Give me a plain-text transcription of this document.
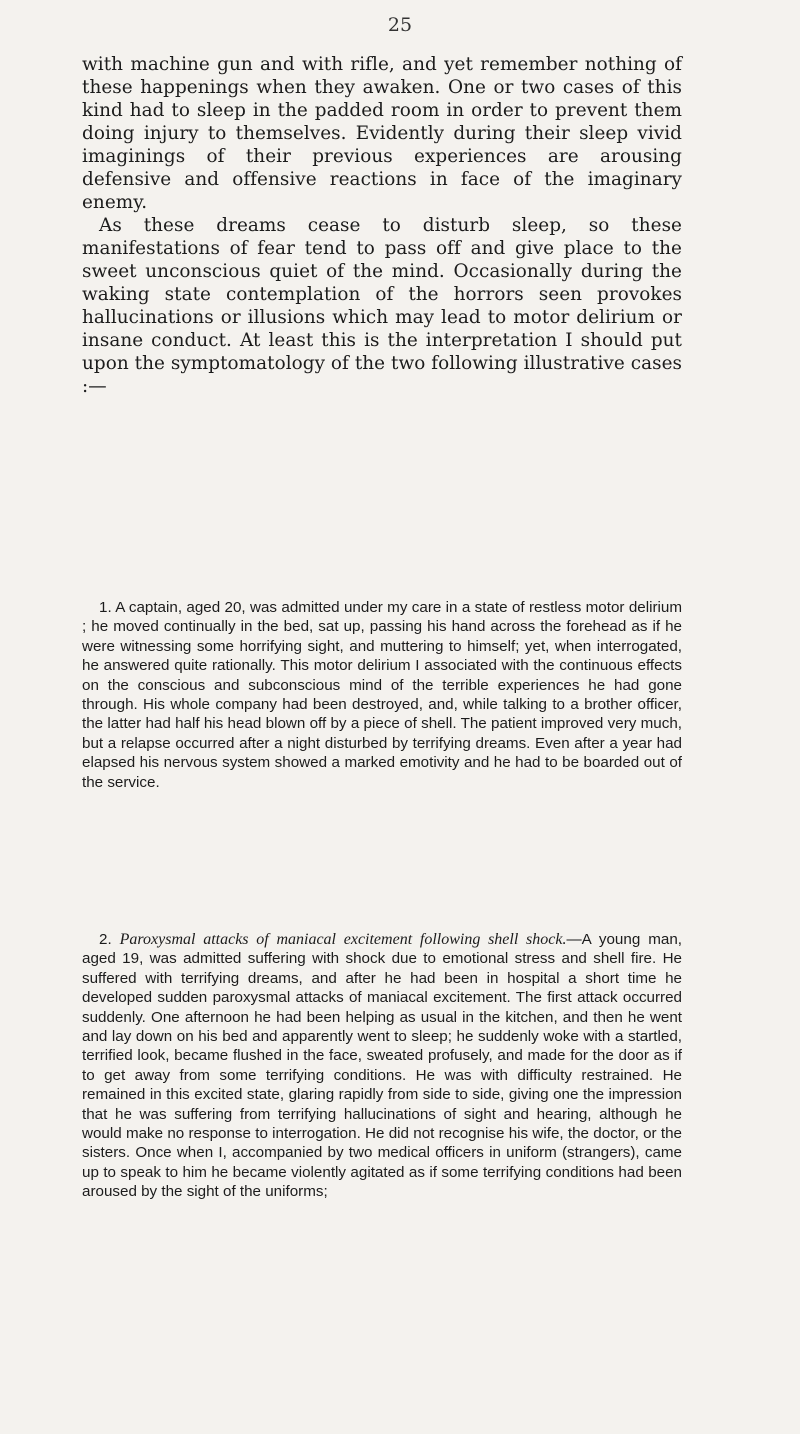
25

with machine gun and with rifle, and yet remember nothing of these happenings when they awaken. One or two cases of this kind had to sleep in the padded room in order to prevent them doing injury to themselves. Evidently during their sleep vivid imaginings of their previous experiences are arousing defensive and offensive reactions in face of the imaginary enemy.

As these dreams cease to disturb sleep, so these manifestations of fear tend to pass off and give place to the sweet unconscious quiet of the mind. Occasionally during the waking state contemplation of the horrors seen provokes hallucinations or illusions which may lead to motor delirium or insane conduct. At least this is the interpretation I should put upon the symptomatology of the two following illustrative cases :—

1. A captain, aged 20, was admitted under my care in a state of restless motor delirium ; he moved continually in the bed, sat up, passing his hand across the forehead as if he were witnessing some horrifying sight, and muttering to himself; yet, when interrogated, he answered quite rationally. This motor delirium I associated with the continuous effects on the conscious and subconscious mind of the terrible experiences he had gone through. His whole company had been destroyed, and, while talking to a brother officer, the latter had half his head blown off by a piece of shell. The patient improved very much, but a relapse occurred after a night disturbed by terrifying dreams. Even after a year had elapsed his nervous system showed a marked emotivity and he had to be boarded out of the service.

2. Paroxysmal attacks of maniacal excitement following shell shock.—A young man, aged 19, was admitted suffering with shock due to emotional stress and shell fire. He suffered with terrifying dreams, and after he had been in hospital a short time he developed sudden paroxysmal attacks of maniacal excitement. The first attack occurred suddenly. One afternoon he had been helping as usual in the kitchen, and then he went and lay down on his bed and apparently went to sleep; he suddenly woke with a startled, terrified look, became flushed in the face, sweated profusely, and made for the door as if to get away from some terrifying conditions. He was with difficulty restrained. He remained in this excited state, glaring rapidly from side to side, giving one the impression that he was suffering from terrifying hallucinations of sight and hearing, although he would make no response to interrogation. He did not recognise his wife, the doctor, or the sisters. Once when I, accompanied by two medical officers in uniform (strangers), came up to speak to him he became violently agitated as if some terrifying conditions had been aroused by the sight of the uniforms;
